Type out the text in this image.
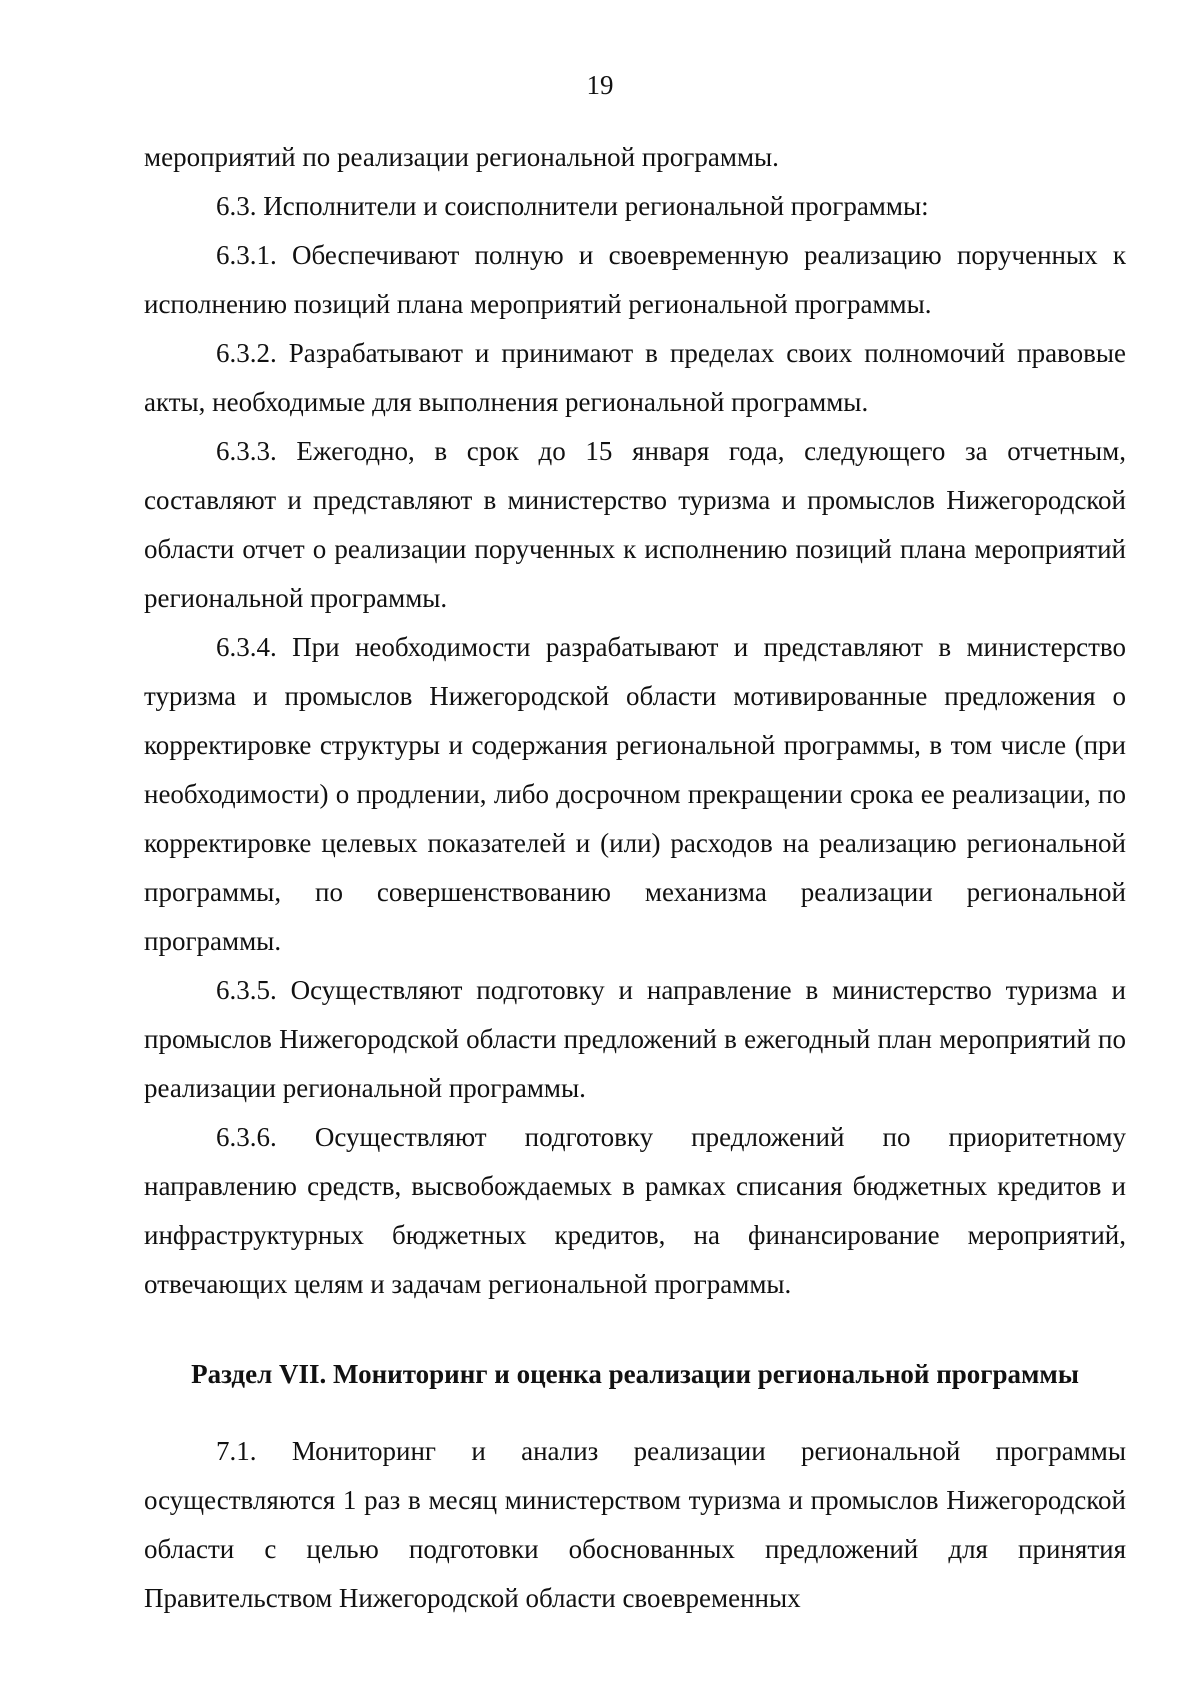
19

мероприятий по реализации региональной программы.

6.3. Исполнители и соисполнители региональной программы:

6.3.1. Обеспечивают полную и своевременную реализацию порученных к исполнению позиций плана мероприятий региональной программы.

6.3.2. Разрабатывают и принимают в пределах своих полномочий правовые акты, необходимые для выполнения региональной программы.

6.3.3. Ежегодно, в срок до 15 января года, следующего за отчетным, составляют и представляют в министерство туризма и промыслов Нижегородской области отчет о реализации порученных к исполнению позиций плана мероприятий региональной программы.

6.3.4. При необходимости разрабатывают и представляют в министерство туризма и промыслов Нижегородской области мотивированные предложения о корректировке структуры и содержания региональной программы, в том числе (при необходимости) о продлении, либо досрочном прекращении срока ее реализации, по корректировке целевых показателей и (или) расходов на реализацию региональной программы, по совершенствованию механизма реализации региональной программы.

6.3.5. Осуществляют подготовку и направление в министерство туризма и промыслов Нижегородской области предложений в ежегодный план мероприятий по реализации региональной программы.

6.3.6. Осуществляют подготовку предложений по приоритетному направлению средств, высвобождаемых в рамках списания бюджетных кредитов и инфраструктурных бюджетных кредитов, на финансирование мероприятий, отвечающих целям и задачам региональной программы.

Раздел VII. Мониторинг и оценка реализации региональной программы

7.1. Мониторинг и анализ реализации региональной программы осуществляются 1 раз в месяц министерством туризма и промыслов Нижегородской области с целью подготовки обоснованных предложений для принятия Правительством Нижегородской области своевременных
